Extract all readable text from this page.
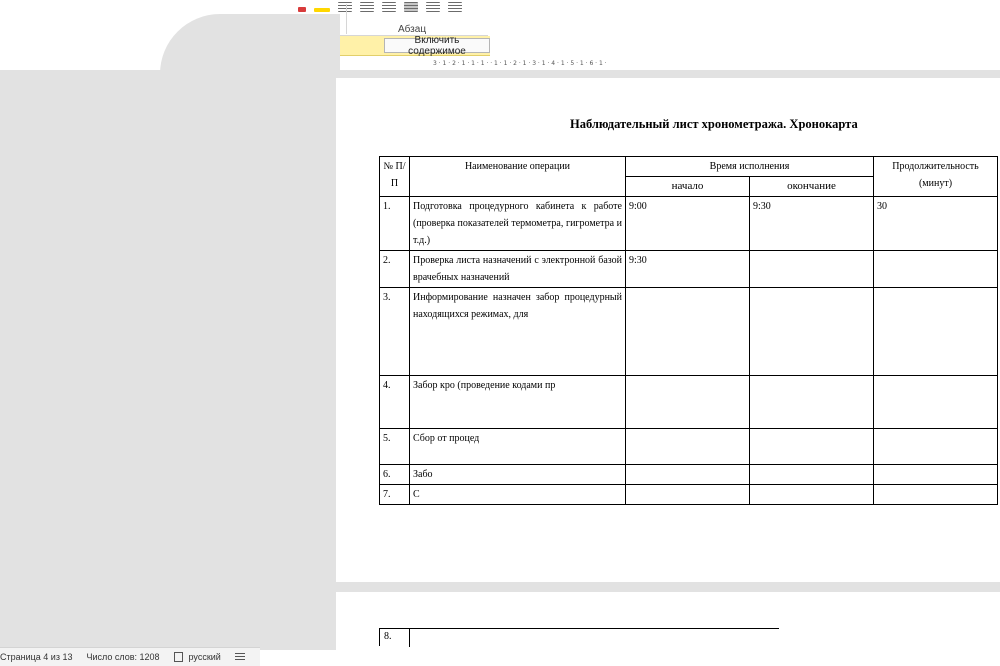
Абзац
Включить содержимое
3 · 1 · 2 · 1 · 1 · 1 · · 1 · 1 · 2 · 1 · 3 · 1 · 4 · 1 · 5 · 1 · 6 · 1 ·
Наблюдательный лист хронометража. Хронокарта
№ П/П	Наименование операции	Время исполнения		Продолжительность (минут)
		начало	окончание	
1.	Подготовка процедурного кабинета к работе (проверка показателей термометра, гигрометра и т.д.)	9:00	9:30	30
2.	Проверка листа назначений с электронной базой врачебных назначений	9:30		
3.	Информирование назначен забор процедурный находящихся режимах, для			
4.	Забор кро (проведение кодами пр			
5.	Сбор от процед			
6.	Забо			
7.	С			
8.
Страница 4 из 13 Число слов: 1208	русский
